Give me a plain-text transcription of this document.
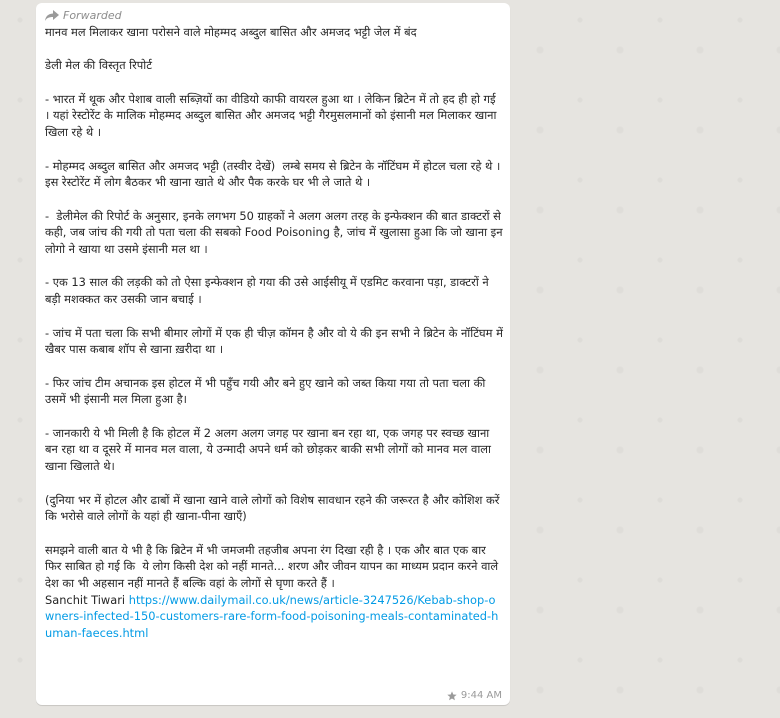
Forwarded

मानव मल मिलाकर खाना परोसने वाले मोहम्मद अब्दुल बासित और अमजद भट्टी जेल में बंद

डेली मेल की विस्तृत रिपोर्ट

- भारत में थूक और पेशाब वाली सब्ज़ियों का वीडियो काफी वायरल हुआ था । लेकिन ब्रिटेन में तो हद ही हो गई । यहां रेस्टोरेंट के मालिक मोहम्मद अब्दुल बासित और अमजद भट्टी गैरमुसलमानों को इंसानी मल मिलाकर खाना खिला रहे थे ।

- मोहम्मद अब्दुल बासित और अमजद भट्टी (तस्वीर देखें)  लम्बे समय से ब्रिटेन के नॉटिंघम में होटल चला रहे थे । इस रेस्टोरेंट में लोग बैठकर भी खाना खाते थे और पैक करके घर भी ले जाते थे ।

-  डेलीमेल की रिपोर्ट के अनुसार, इनके लगभग 50 ग्राहकों ने अलग अलग तरह के इन्फेक्शन की बात डाक्टरों से कही, जब जांच की गयी तो पता चला की सबको Food Poisoning है, जांच में खुलासा हुआ कि जो खाना इन लोगो ने खाया था उसमे इंसानी मल था ।

- एक 13 साल की लड़की को तो ऐसा इन्फेक्शन हो गया की उसे आईसीयू में एडमिट करवाना पड़ा, डाक्टरों ने बड़ी मशक्कत कर उसकी जान बचाई ।

- जांच में पता चला कि सभी बीमार लोगों में एक ही चीज़ कॉमन है और वो ये की इन सभी ने ब्रिटेन के नॉटिंघम में खैबर पास कबाब शॉप से खाना ख़रीदा था ।

- फिर जांच टीम अचानक इस होटल में भी पहुँच गयी और बने हुए खाने को जब्त किया गया तो पता चला की उसमें भी इंसानी मल मिला हुआ है।

- जानकारी ये भी मिली है कि होटल में 2 अलग अलग जगह पर खाना बन रहा था, एक जगह पर स्वच्छ खाना बन रहा था व दूसरे में मानव मल वाला, ये उन्मादी अपने धर्म को छोड़कर बाकी सभी लोगों को मानव मल वाला खाना खिलाते थे।

(दुनिया भर में होटल और ढाबों में खाना खाने वाले लोगों को विशेष सावधान रहने की जरूरत है और कोशिश करें कि भरोसे वाले लोगों के यहां ही खाना-पीना खाएँ)

समझने वाली बात ये भी है कि ब्रिटेन में भी जमजमी तहजीब अपना रंग दिखा रही है । एक और बात एक बार फिर साबित हो गई कि  ये लोग किसी देश को नहीं मानते... शरण और जीवन यापन का माध्यम प्रदान करने वाले देश का भी अहसान नहीं मानते हैं बल्कि वहां के लोगों से घृणा करते हैं ।

Sanchit Tiwari https://www.dailymail.co.uk/news/article-3247526/Kebab-shop-owners-infected-150-customers-rare-form-food-poisoning-meals-contaminated-human-faeces.html
9:44 AM
